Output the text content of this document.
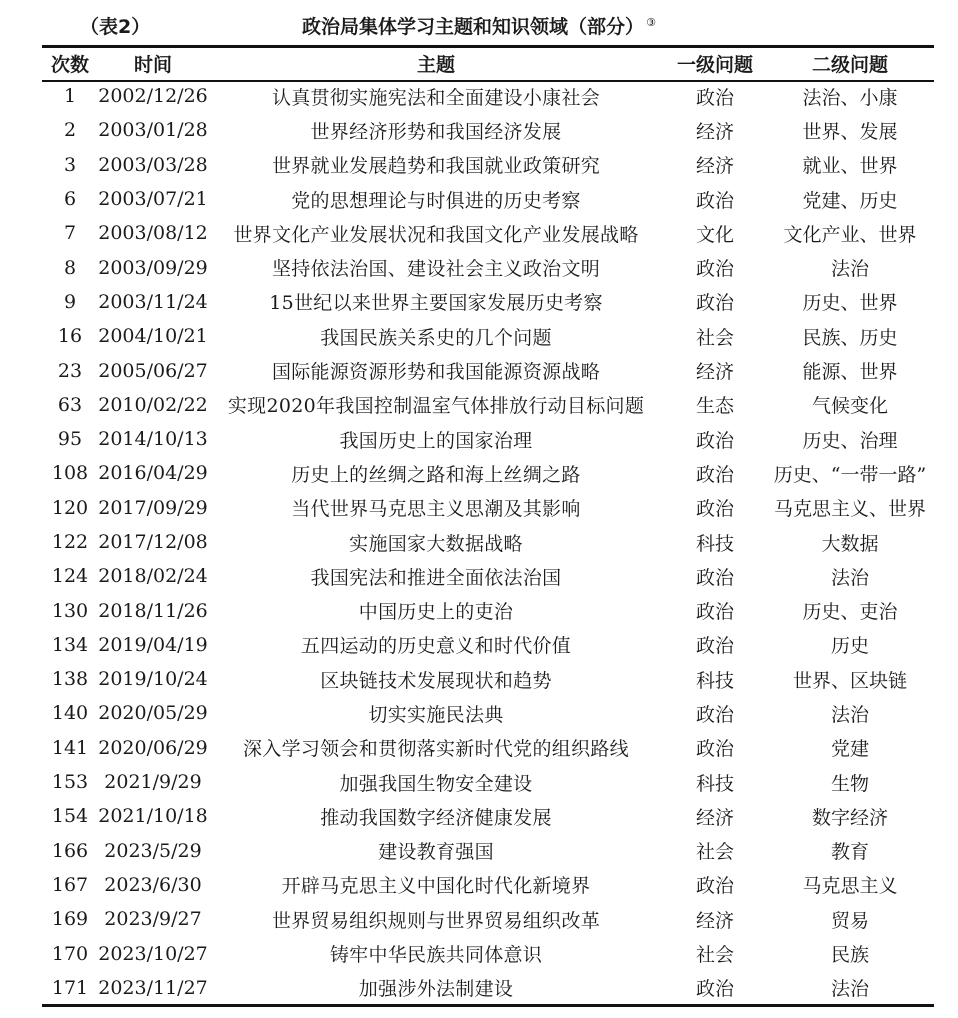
（表2）	政治局集体学习主题和知识领域（部分） ③
次数	时间	主题	一级问题	二级问题
1	2002/12/26	认真贯彻实施宪法和全面建设小康社会	政治	法治、小康
2	2003/01/28	世界经济形势和我国经济发展	经济	世界、发展
3	2003/03/28	世界就业发展趋势和我国就业政策研究	经济	就业、世界
6	2003/07/21	党的思想理论与时俱进的历史考察	政治	党建、历史
7	2003/08/12	世界文化产业发展状况和我国文化产业发展战略	文化	文化产业、世界
8	2003/09/29	坚持依法治国、建设社会主义政治文明	政治	法治
9	2003/11/24	15世纪以来世界主要国家发展历史考察	政治	历史、世界
16	2004/10/21	我国民族关系史的几个问题	社会	民族、历史
23	2005/06/27	国际能源资源形势和我国能源资源战略	经济	能源、世界
63	2010/02/22	实现2020年我国控制温室气体排放行动目标问题	生态	气候变化
95	2014/10/13	我国历史上的国家治理	政治	历史、治理
108	2016/04/29	历史上的丝绸之路和海上丝绸之路	政治	历史、“一带一路”
120	2017/09/29	当代世界马克思主义思潮及其影响	政治	马克思主义、世界
122	2017/12/08	实施国家大数据战略	科技	大数据
124	2018/02/24	我国宪法和推进全面依法治国	政治	法治
130	2018/11/26	中国历史上的吏治	政治	历史、吏治
134	2019/04/19	五四运动的历史意义和时代价值	政治	历史
138	2019/10/24	区块链技术发展现状和趋势	科技	世界、区块链
140	2020/05/29	切实实施民法典	政治	法治
141	2020/06/29	深入学习领会和贯彻落实新时代党的组织路线	政治	党建
153	2021/9/29	加强我国生物安全建设	科技	生物
154	2021/10/18	推动我国数字经济健康发展	经济	数字经济
166	2023/5/29	建设教育强国	社会	教育
167	2023/6/30	开辟马克思主义中国化时代化新境界	政治	马克思主义
169	2023/9/27	世界贸易组织规则与世界贸易组织改革	经济	贸易
170	2023/10/27	铸牢中华民族共同体意识	社会	民族
171	2023/11/27	加强涉外法制建设	政治	法治
